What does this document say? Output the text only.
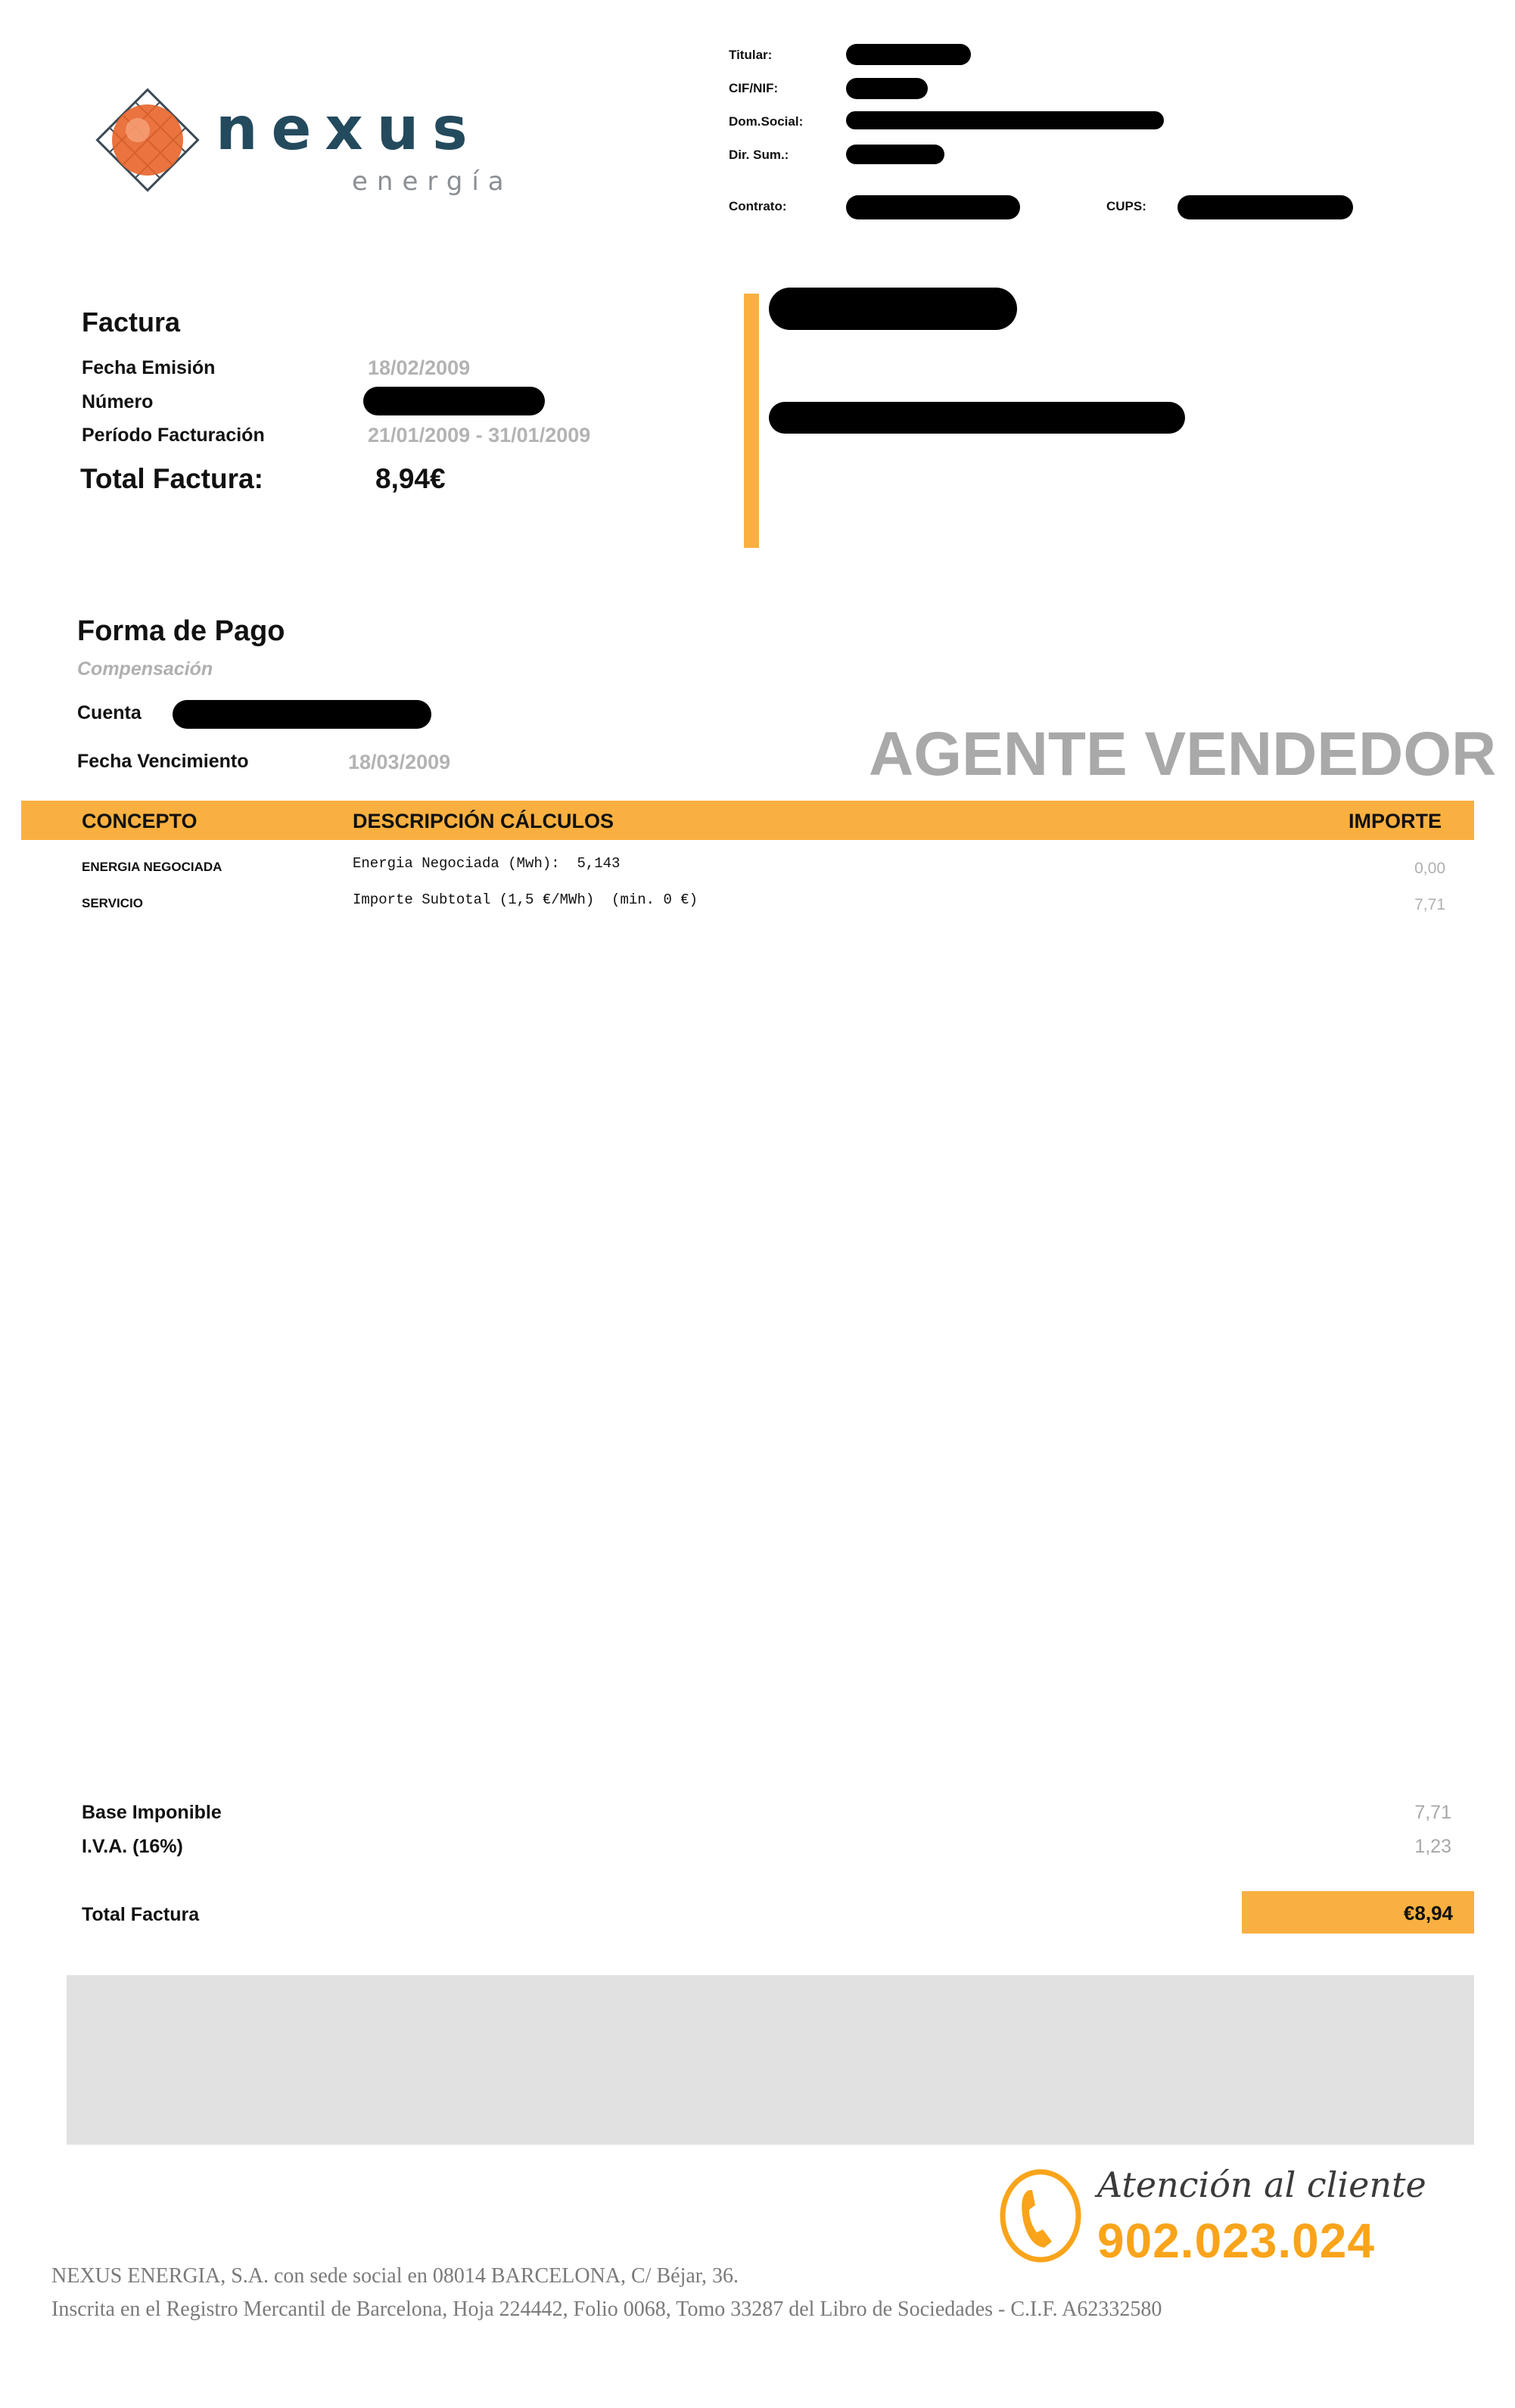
nexus
energía
Titular:
CIF/NIF:
Dom.Social:
Dir. Sum.:
Contrato:	CUPS:
Factura
Fecha Emisión	18/02/2009
Número
Período Facturación	21/01/2009 - 31/01/2009
Total Factura:	8,94€
Forma de Pago
Compensación
Cuenta
Fecha Vencimiento	18/03/2009	AGENTE VENDEDOR
CONCEPTO	DESCRIPCIÓN CÁLCULOS	IMPORTE
ENERGIA NEGOCIADA	Energia Negociada (Mwh):  5,143	0,00
SERVICIO	Importe Subtotal (1,5 €/MWh)  (min. 0 €)	7,71
Base Imponible	7,71
I.V.A. (16%)	1,23
Total Factura	€8,94
Atención al cliente
902.023.024
NEXUS ENERGIA, S.A. con sede social en 08014 BARCELONA, C/ Béjar, 36.
Inscrita en el Registro Mercantil de Barcelona, Hoja 224442, Folio 0068, Tomo 33287 del Libro de Sociedades - C.I.F. A62332580
